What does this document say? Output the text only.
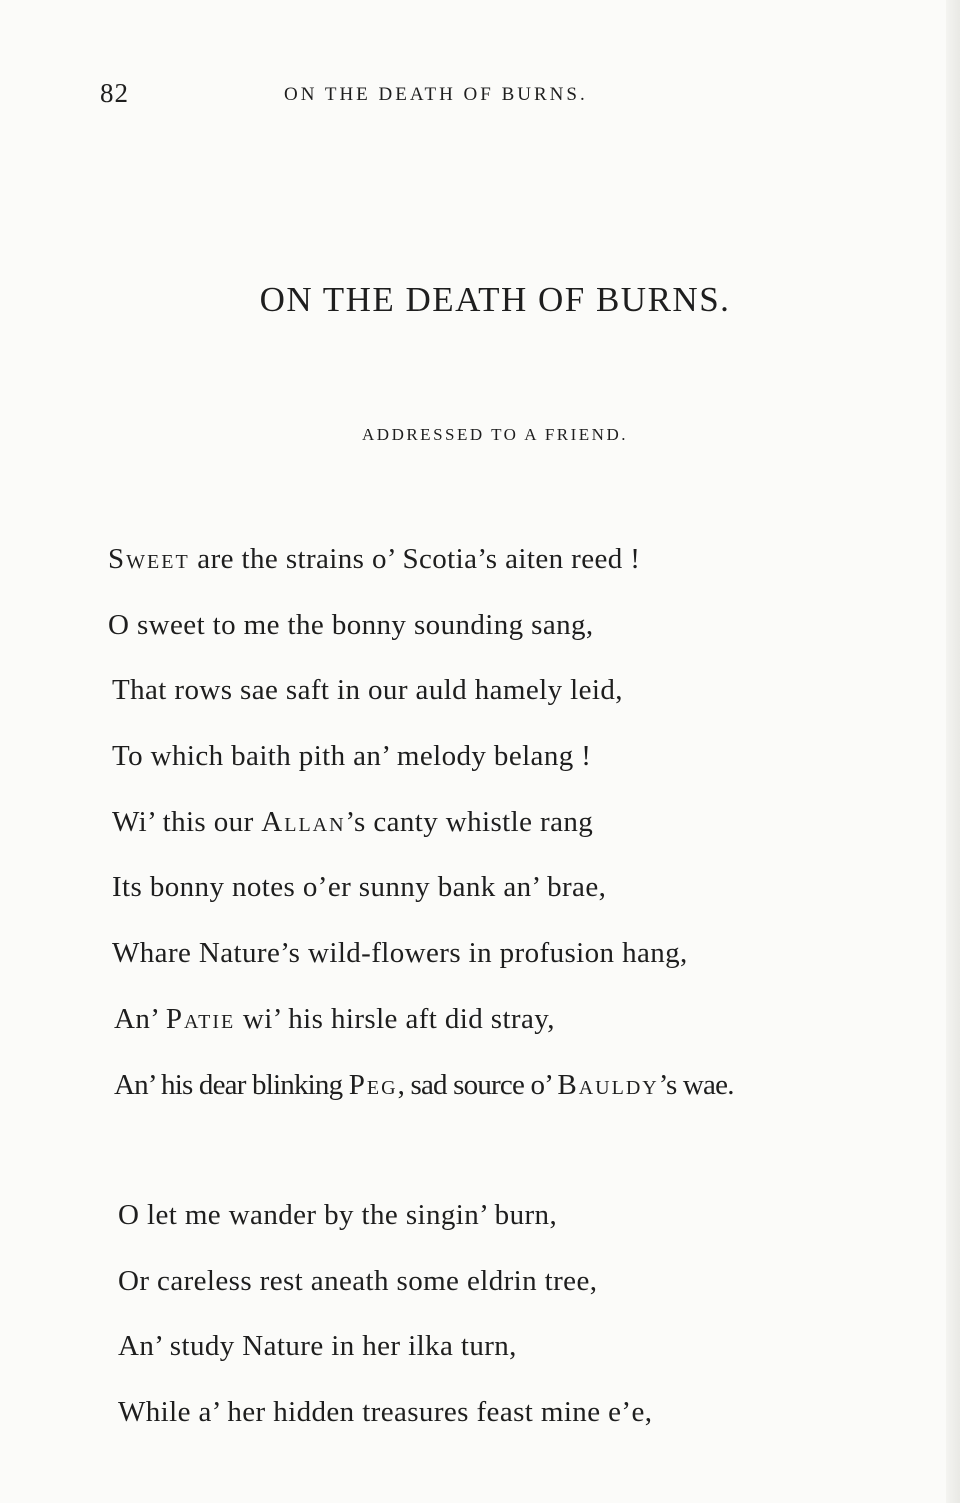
82	ON THE DEATH OF BURNS.
ON THE DEATH OF BURNS.
ADDRESSED TO A FRIEND.
Sweet are the strains o’ Scotia’s aiten reed !
O sweet to me the bonny sounding sang,
That rows sae saft in our auld hamely leid,
To which baith pith an’ melody belang !
Wi’ this our Allan’s canty whistle rang
Its bonny notes o’er sunny bank an’ brae,
Whare Nature’s wild-flowers in profusion hang,
An’ Patie wi’ his hirsle aft did stray,
An’ his dear blinking Peg, sad source o’ Bauldy’s wae.
O let me wander by the singin’ burn,
Or careless rest aneath some eldrin tree,
An’ study Nature in her ilka turn,
While a’ her hidden treasures feast mine e’e,
